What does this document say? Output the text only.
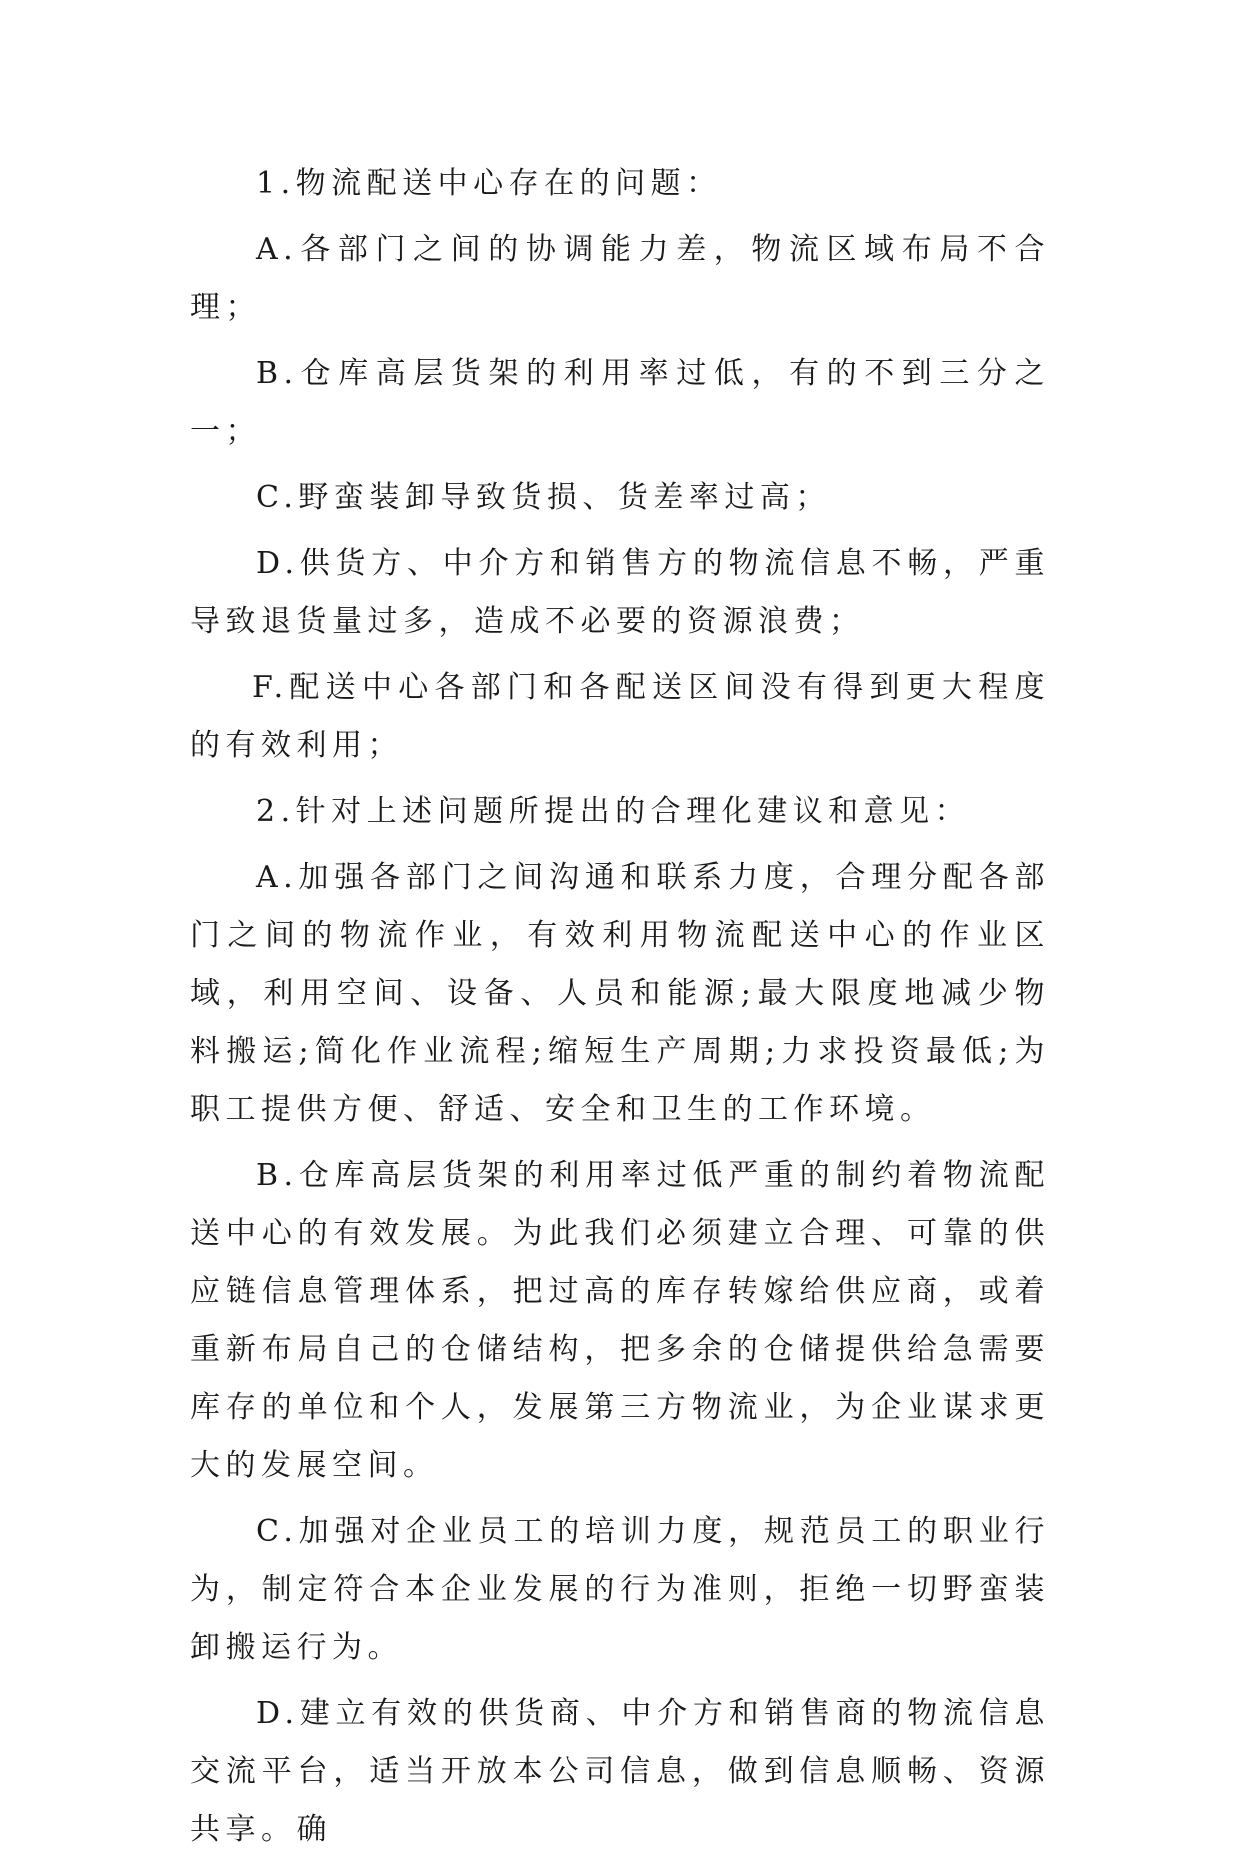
1.物流配送中心存在的问题：

A.各部门之间的协调能力差，物流区域布局不合理；

B.仓库高层货架的利用率过低，有的不到三分之一；

C.野蛮装卸导致货损、货差率过高；

D.供货方、中介方和销售方的物流信息不畅，严重导致退货量过多，造成不必要的资源浪费；

F.配送中心各部门和各配送区间没有得到更大程度的有效利用；

2.针对上述问题所提出的合理化建议和意见：

A.加强各部门之间沟通和联系力度，合理分配各部门之间的物流作业，有效利用物流配送中心的作业区域，利用空间、设备、人员和能源;最大限度地减少物料搬运;简化作业流程;缩短生产周期;力求投资最低;为职工提供方便、舒适、安全和卫生的工作环境。

B.仓库高层货架的利用率过低严重的制约着物流配送中心的有效发展。为此我们必须建立合理、可靠的供应链信息管理体系，把过高的库存转嫁给供应商，或着重新布局自己的仓储结构，把多余的仓储提供给急需要库存的单位和个人，发展第三方物流业，为企业谋求更大的发展空间。

C.加强对企业员工的培训力度，规范员工的职业行为，制定符合本企业发展的行为准则，拒绝一切野蛮装卸搬运行为。

D.建立有效的供货商、中介方和销售商的物流信息交流平台，适当开放本公司信息，做到信息顺畅、资源共享。确
